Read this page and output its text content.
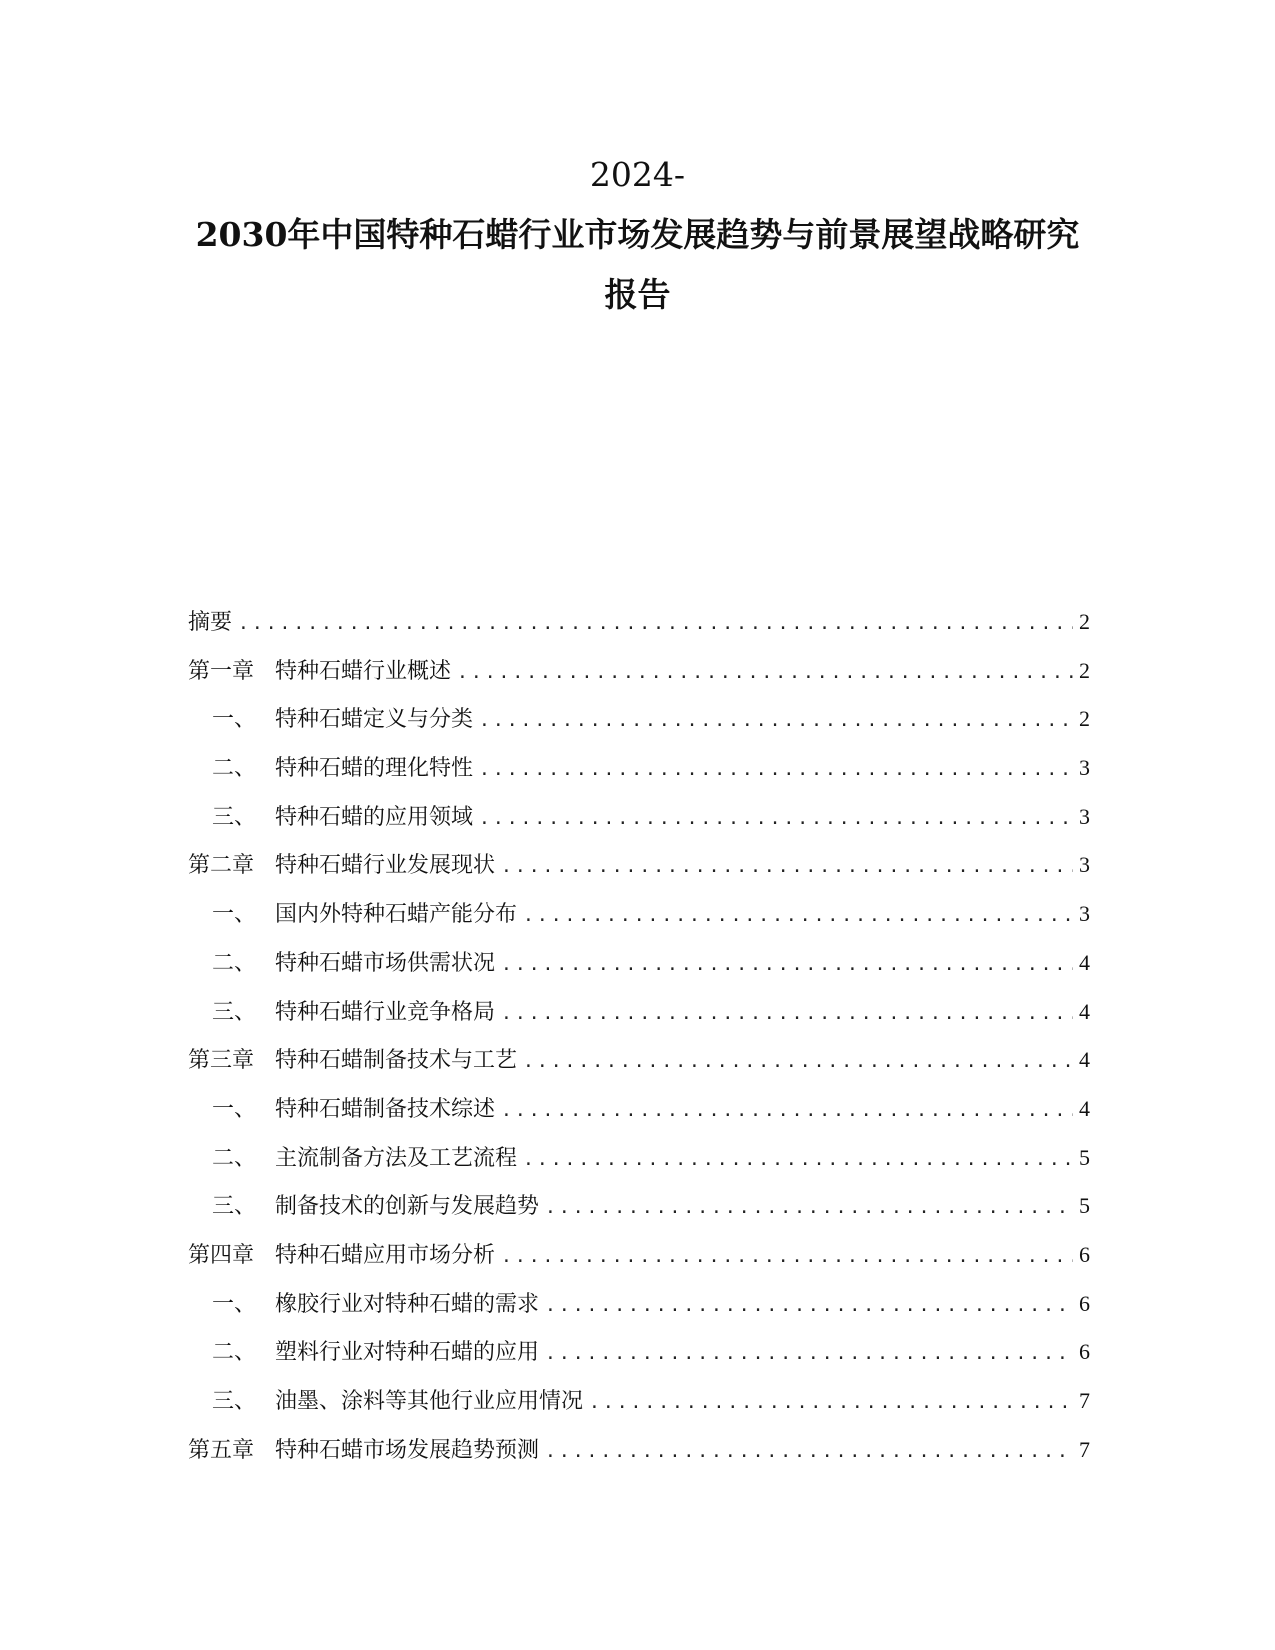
2024-
2030年中国特种石蜡行业市场发展趋势与前景展望战略研究
报告
摘要 .....	2
第一章 特种石蜡行业概述 .....	2
一、 特种石蜡定义与分类 .....	2
二、 特种石蜡的理化特性 .....	3
三、 特种石蜡的应用领域 .....	3
第二章 特种石蜡行业发展现状 .....	3
一、 国内外特种石蜡产能分布 .....	3
二、 特种石蜡市场供需状况 .....	4
三、 特种石蜡行业竞争格局 .....	4
第三章 特种石蜡制备技术与工艺 .....	4
一、 特种石蜡制备技术综述 .....	4
二、 主流制备方法及工艺流程 .....	5
三、 制备技术的创新与发展趋势 .....	5
第四章 特种石蜡应用市场分析 .....	6
一、 橡胶行业对特种石蜡的需求 .....	6
二、 塑料行业对特种石蜡的应用 .....	6
三、 油墨、涂料等其他行业应用情况 .....	7
第五章 特种石蜡市场发展趋势预测 .....	7
